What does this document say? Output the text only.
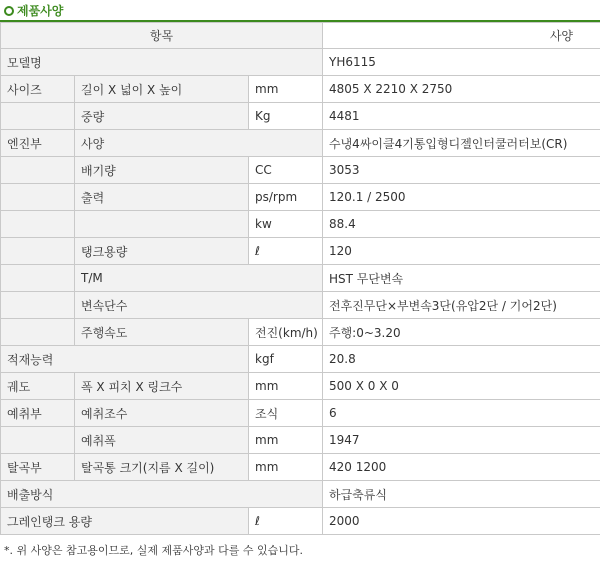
제품사양
항목			사양
모델명			YH6115
사이즈	길이 X 넓이 X 높이	mm	4805 X 2210 X 2750
	중량	Kg	4481
엔진부	사양		수냉4싸이클4기통입형디젤인터쿨러터보(CR)
	배기량	CC	3053
	출력	ps/rpm	120.1 / 2500
		kw	88.4
	탱크용량	ℓ	120
	T/M		HST 무단변속
	변속단수		전후진무단×부변속3단(유압2단 / 기어2단)
	주행속도	전진(km/h)	주행:0~3.20
적재능력		kgf	20.8
궤도	폭 X 피치 X 링크수	mm	500 X 0 X 0
예취부	예취조수	조식	6
	예취폭	mm	1947
탈곡부	탈곡통 크기(지름 X 길이)	mm	420 1200
배출방식			하급축류식
그레인탱크 용량		ℓ	2000
*. 위 사양은 참고용이므로, 실제 제품사양과 다를 수 있습니다.
